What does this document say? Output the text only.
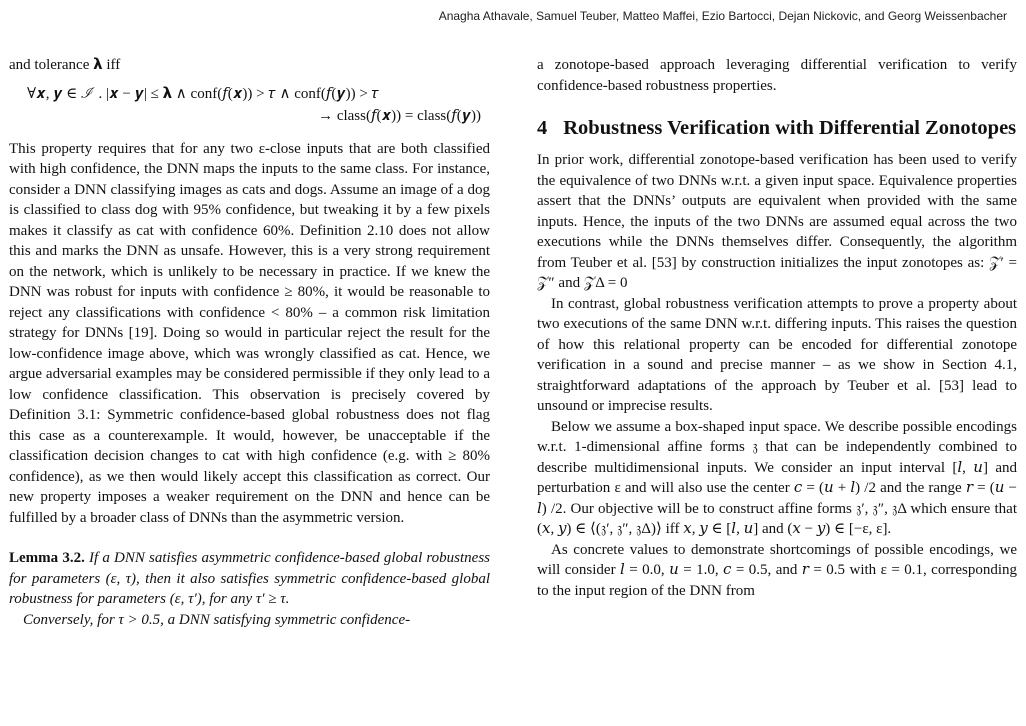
Anagha Athavale, Samuel Teuber, Matteo Maffei, Ezio Bartocci, Dejan Nickovic, and Georg Weissenbacher

and tolerance 𝝺 iff

∀𝒙, 𝒚 ∈ ℐ . |𝒙 − 𝒚| ≤ 𝝺 ∧ conf(𝑓(𝒙)) > 𝜏 ∧ conf(𝑓(𝒚)) > 𝜏
→ class(𝑓(𝒙)) = class(𝑓(𝒚))

This property requires that for any two ε-close inputs that are both classified with high confidence, the DNN maps the inputs to the same class. For instance, consider a DNN classifying images as cats and dogs. Assume an image of a dog is classified to class dog with 95% confidence, but tweaking it by a few pixels makes it classify as cat with confidence 60%. Definition 2.10 does not allow this and marks the DNN as unsafe. However, this is a very strong requirement on the network, which is unlikely to be necessary in practice. If we knew the DNN was robust for inputs with confidence ≥ 80%, it would be reasonable to reject any classifications with confidence < 80% – a common risk limitation strategy for DNNs [19]. Doing so would in particular reject the result for the low-confidence image above, which was wrongly classified as cat. Hence, we argue adversarial examples may be considered permissible if they only lead to a low confidence classification. This observation is precisely covered by Definition 3.1: Symmetric confidence-based global robustness does not flag this case as a counterexample. It would, however, be unacceptable if the classification decision changes to cat with high confidence (e.g. with ≥ 80% confidence), as we then would likely accept this classification as correct. Our new property imposes a weaker requirement on the DNN and hence can be fulfilled by a broader class of DNNs than the asymmetric version.

Lemma 3.2. If a DNN satisfies asymmetric confidence-based global robustness for parameters (ε, τ), then it also satisfies symmetric confidence-based global robustness for parameters (ε, τ′), for any τ′ ≥ τ.

Conversely, for τ > 0.5, a DNN satisfying symmetric confidence-

a zonotope-based approach leveraging differential verification to verify confidence-based robustness properties.

4 Robustness Verification with Differential Zonotopes

In prior work, differential zonotope-based verification has been used to verify the equivalence of two DNNs w.r.t. a given input space. Equivalence properties assert that the DNNs’ outputs are equivalent when provided with the same inputs. Hence, the inputs of the two DNNs are assumed equal across the two executions while the DNNs themselves differ. Consequently, the algorithm from Teuber et al. [53] by construction initializes the input zonotopes as: 𝒵′ = 𝒵″ and 𝒵Δ = 0

In contrast, global robustness verification attempts to prove a property about two executions of the same DNN w.r.t. differing inputs. This raises the question of how this relational property can be encoded for differential zonotope verification in a sound and precise manner – as we show in Section 4.1, straightforward adaptations of the approach by Teuber et al. [53] lead to unsound or imprecise results.

Below we assume a box-shaped input space. We describe possible encodings w.r.t. 1-dimensional affine forms 𝔷 that can be independently combined to describe multidimensional inputs. We consider an input interval [𝑙, 𝑢] and perturbation ε and will also use the center 𝑐 = (𝑢 + 𝑙) /2 and the range 𝑟 = (𝑢 − 𝑙) /2. Our objective will be to construct affine forms 𝔷′, 𝔷″, 𝔷Δ which ensure that (𝑥, 𝑦) ∈ ⟨(𝔷′, 𝔷″, 𝔷Δ)⟩ iff 𝑥, 𝑦 ∈ [𝑙, 𝑢] and (𝑥 − 𝑦) ∈ [−ε, ε].

As concrete values to demonstrate shortcomings of possible encodings, we will consider 𝑙 = 0.0, 𝑢 = 1.0, 𝑐 = 0.5, and 𝑟 = 0.5 with ε = 0.1, corresponding to the input region of the DNN from
